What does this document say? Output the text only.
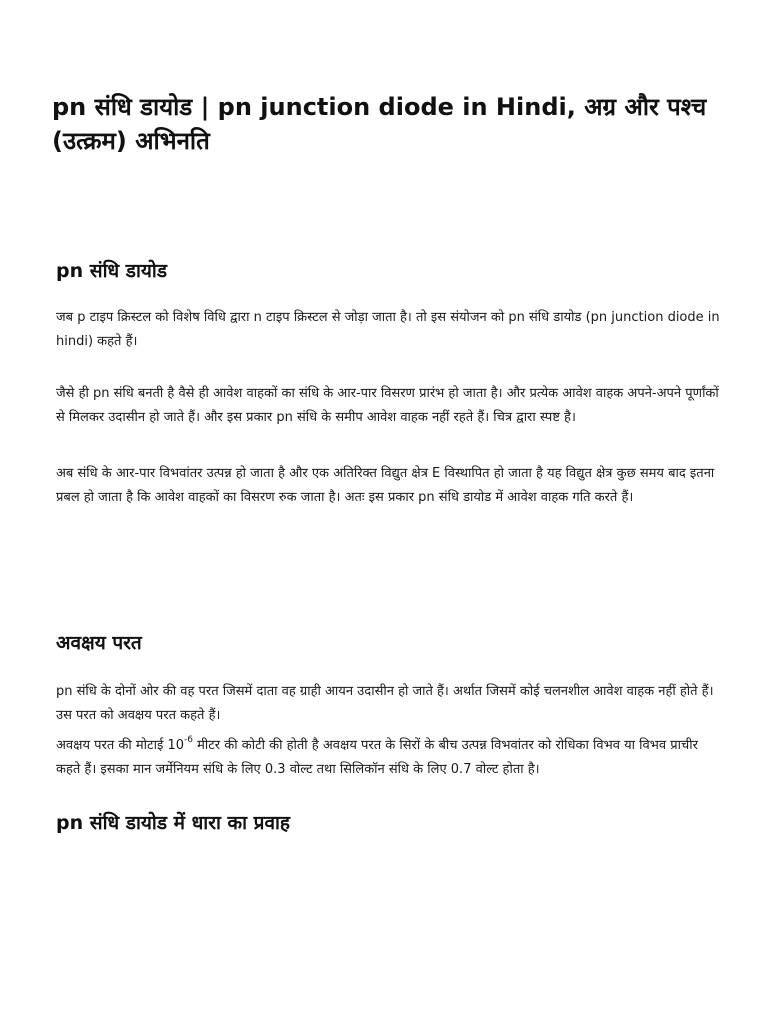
pn संधि डायोड | pn junction diode in Hindi, अग्र और पश्च (उत्क्रम) अभिनति
pn संधि डायोड

जब p टाइप क्रिस्टल को विशेष विधि द्वारा n टाइप क्रिस्टल से जोड़ा जाता है। तो इस संयोजन को pn संधि डायोड (pn junction diode in hindi) कहते हैं।

जैसे ही pn संधि बनती है वैसे ही आवेश वाहकों का संधि के आर-पार विसरण प्रारंभ हो जाता है। और प्रत्येक आवेश वाहक अपने-अपने पूर्णांकों से मिलकर उदासीन हो जाते हैं। और इस प्रकार pn संधि के समीप आवेश वाहक नहीं रहते हैं। चित्र द्वारा स्पष्ट है।

अब संधि के आर-पार विभवांतर उत्पन्न हो जाता है और एक अतिरिक्त विद्युत क्षेत्र E विस्थापित हो जाता है यह विद्युत क्षेत्र कुछ समय बाद इतना प्रबल हो जाता है कि आवेश वाहकों का विसरण रुक जाता है। अतः इस प्रकार pn संधि डायोड में आवेश वाहक गति करते हैं।

अवक्षय परत

pn संधि के दोनों ओर की वह परत जिसमें दाता वह ग्राही आयन उदासीन हो जाते हैं। अर्थात जिसमें कोई चलनशील आवेश वाहक नहीं होते हैं। उस परत को अवक्षय परत कहते हैं।

अवक्षय परत की मोटाई $10^{-6}$ मीटर की कोटी की होती है अवक्षय परत के सिरों के बीच उत्पन्न विभवांतर को रोधिका विभव या विभव प्राचीर कहते हैं। इसका मान जर्मेनियम संधि के लिए 0.3 वोल्ट तथा सिलिकॉन संधि के लिए 0.7 वोल्ट होता है।

pn संधि डायोड में धारा का प्रवाह
